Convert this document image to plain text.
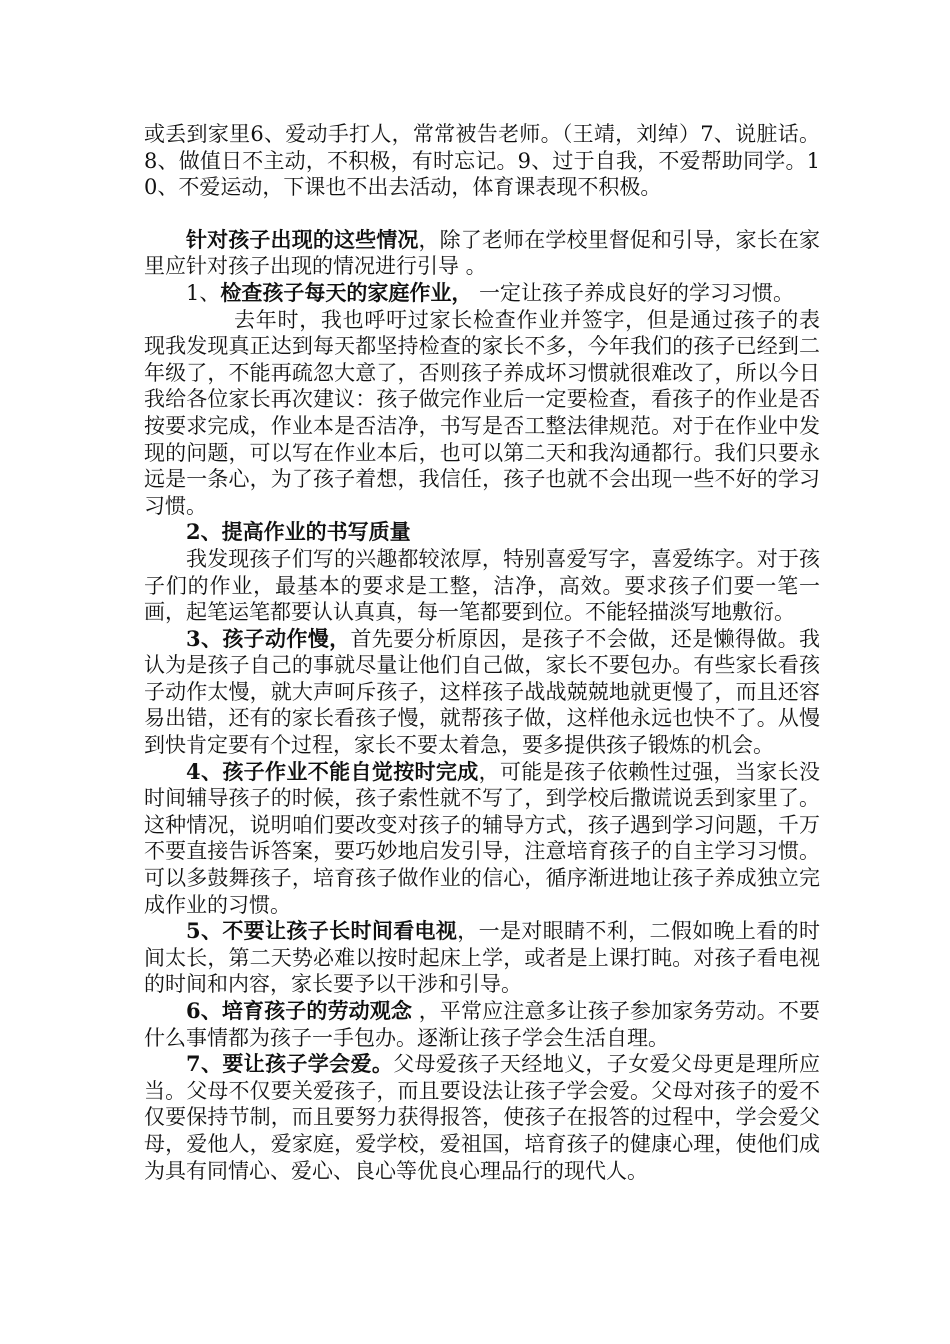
或丢到家里6、爱动手打人，常常被告老师。（王靖，刘绰）7、说脏话。8、做值日不主动，不积极，有时忘记。9、过于自我，不爱帮助同学。10、不爱运动，下课也不出去活动，体育课表现不积极。

针对孩子出现的这些情况，除了老师在学校里督促和引导，家长在家里应针对孩子出现的情况进行引导 。

1、检查孩子每天的家庭作业， 一定让孩子养成良好的学习习惯。

去年时，我也呼吁过家长检查作业并签字，但是通过孩子的表现我发现真正达到每天都坚持检查的家长不多，今年我们的孩子已经到二年级了，不能再疏忽大意了，否则孩子养成坏习惯就很难改了，所以今日我给各位家长再次建议：孩子做完作业后一定要检查，看孩子的作业是否按要求完成，作业本是否洁净，书写是否工整法律规范。对于在作业中发现的问题，可以写在作业本后，也可以第二天和我沟通都行。我们只要永远是一条心，为了孩子着想，我信任，孩子也就不会出现一些不好的学习习惯。

2、提高作业的书写质量

我发现孩子们写的兴趣都较浓厚，特别喜爱写字，喜爱练字。对于孩子们的作业，最基本的要求是工整，洁净，高效。要求孩子们要一笔一画，起笔运笔都要认认真真，每一笔都要到位。不能轻描淡写地敷衍。

3、孩子动作慢，首先要分析原因，是孩子不会做，还是懒得做。我认为是孩子自己的事就尽量让他们自己做，家长不要包办。有些家长看孩子动作太慢，就大声呵斥孩子，这样孩子战战兢兢地就更慢了，而且还容易出错，还有的家长看孩子慢，就帮孩子做，这样他永远也快不了。从慢到快肯定要有个过程，家长不要太着急，要多提供孩子锻炼的机会。

4、孩子作业不能自觉按时完成，可能是孩子依赖性过强，当家长没时间辅导孩子的时候，孩子索性就不写了，到学校后撒谎说丢到家里了。这种情况，说明咱们要改变对孩子的辅导方式，孩子遇到学习问题，千万不要直接告诉答案，要巧妙地启发引导，注意培育孩子的自主学习习惯。可以多鼓舞孩子，培育孩子做作业的信心，循序渐进地让孩子养成独立完成作业的习惯。

5、不要让孩子长时间看电视，一是对眼睛不利，二假如晚上看的时间太长，第二天势必难以按时起床上学，或者是上课打盹。对孩子看电视的时间和内容，家长要予以干涉和引导。

6、培育孩子的劳动观念 ，平常应注意多让孩子参加家务劳动。不要什么事情都为孩子一手包办。逐渐让孩子学会生活自理。

7、要让孩子学会爱。父母爱孩子天经地义，子女爱父母更是理所应当。父母不仅要关爱孩子，而且要设法让孩子学会爱。父母对孩子的爱不仅要保持节制，而且要努力获得报答，使孩子在报答的过程中，学会爱父母，爱他人，爱家庭，爱学校，爱祖国，培育孩子的健康心理，使他们成为具有同情心、爱心、良心等优良心理品行的现代人。
